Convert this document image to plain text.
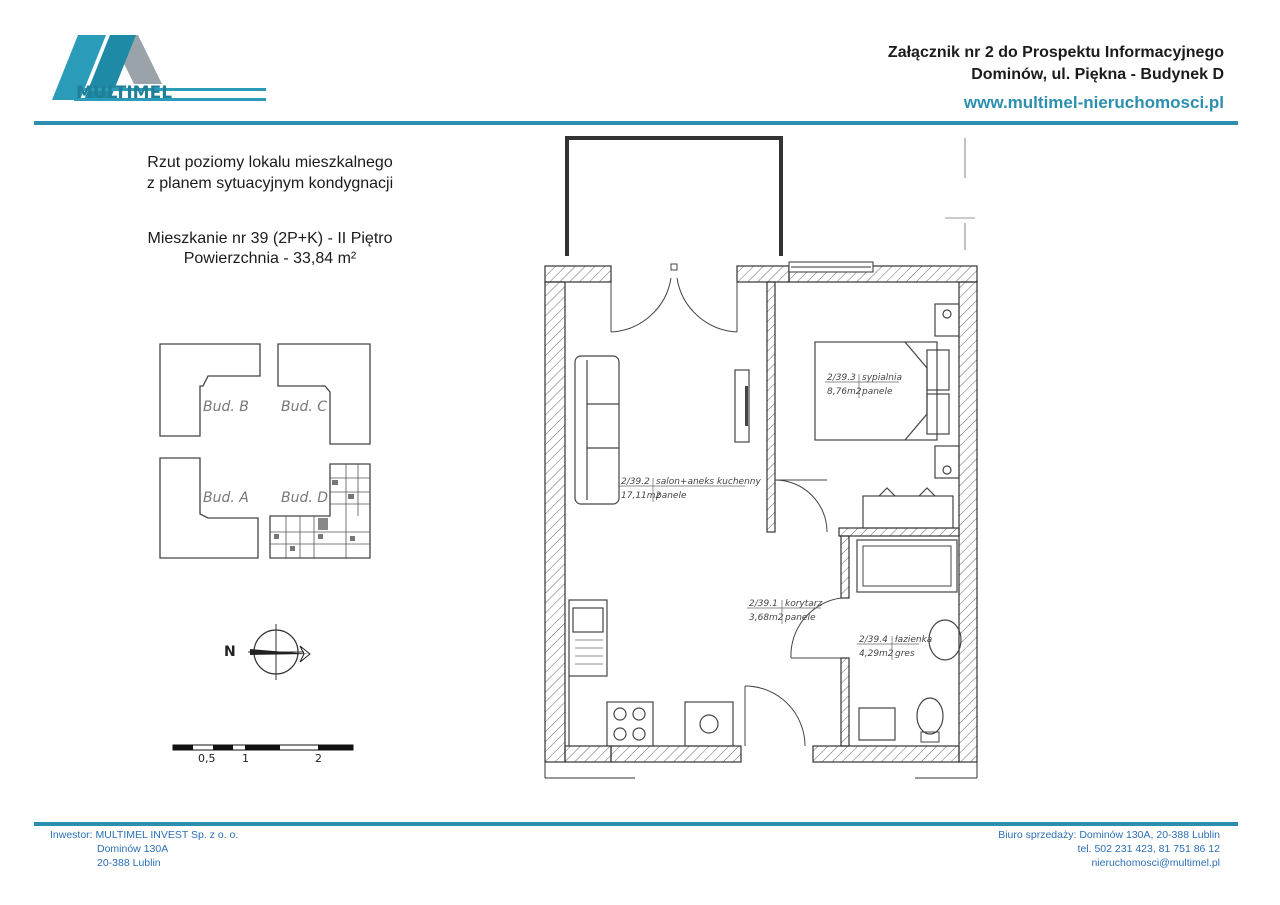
MULTIMEL
Załącznik nr 2 do Prospektu Informacyjnego
Dominów, ul. Piękna - Budynek D
www.multimel-nieruchomosci.pl
Rzut poziomy lokalu mieszkalnego
z planem sytuacyjnym kondygnacji
Mieszkanie nr 39 (2P+K) - II Piętro
Powierzchnia - 33,84 m²
Bud. B Bud. C
Bud. A Bud. D
N
0,5 1	2
2/39.2 salon+aneks kuchenny
17,11m2
panele
2/39.3 sypialnia
8,76m2 panele
2/39.1 korytarz
3,68m2 panele
2/39.4 łazienka
4,29m2 gres
Inwestor: MULTIMEL INVEST Sp. z o. o.
Dominów 130A
20-388 Lublin
Biuro sprzedaży: Dominów 130A, 20-388 Lublin
tel. 502 231 423, 81 751 86 12
nieruchomosci@multimel.pl
